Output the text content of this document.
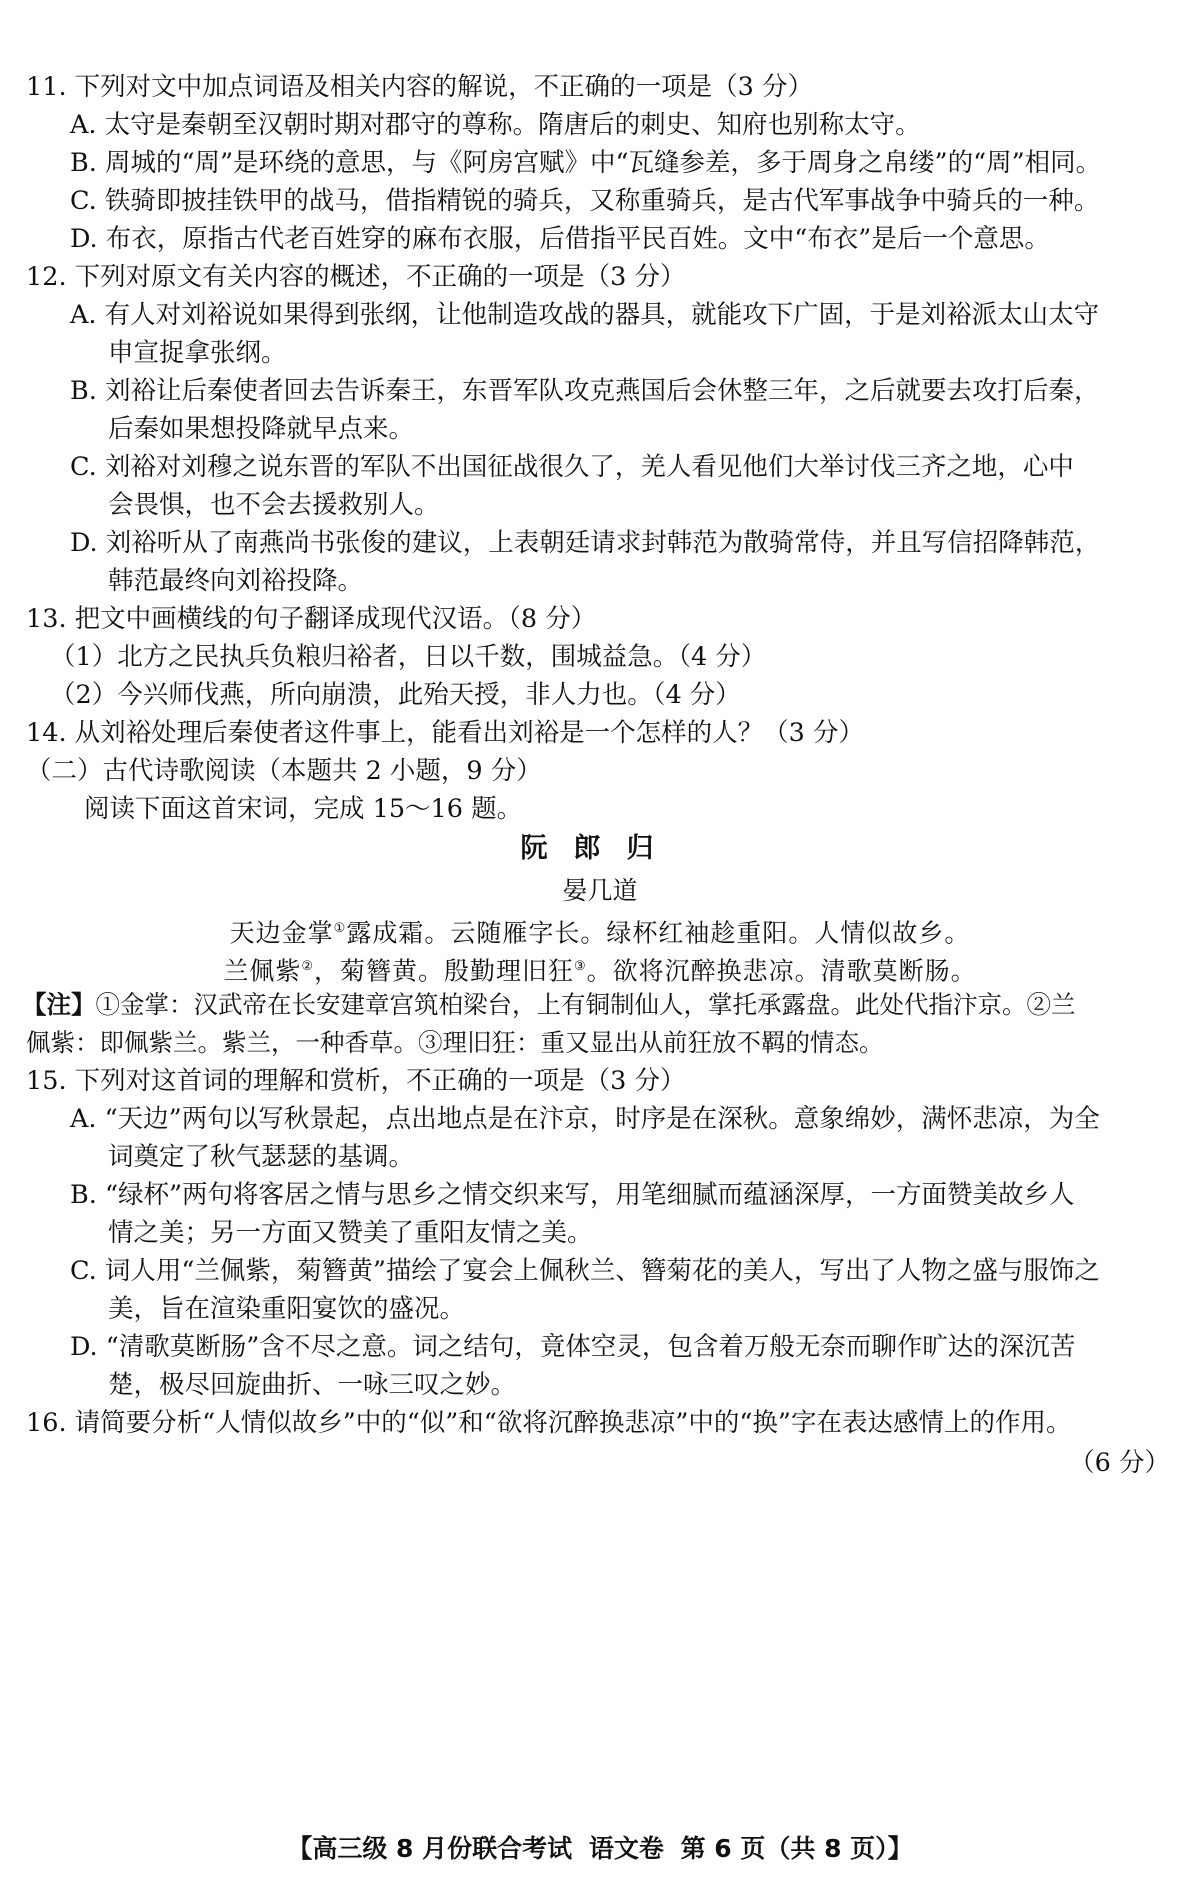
11. 下列对文中加点词语及相关内容的解说，不正确的一项是（3 分）
A. 太守是秦朝至汉朝时期对郡守的尊称。隋唐后的刺史、知府也别称太守。
B. 周城的“周”是环绕的意思，与《阿房宫赋》中“瓦缝参差，多于周身之帛缕”的“周”相同。
C. 铁骑即披挂铁甲的战马，借指精锐的骑兵，又称重骑兵，是古代军事战争中骑兵的一种。
D. 布衣，原指古代老百姓穿的麻布衣服，后借指平民百姓。文中“布衣”是后一个意思。
12. 下列对原文有关内容的概述，不正确的一项是（3 分）
A. 有人对刘裕说如果得到张纲，让他制造攻战的器具，就能攻下广固，于是刘裕派太山太守
申宣捉拿张纲。
B. 刘裕让后秦使者回去告诉秦王，东晋军队攻克燕国后会休整三年，之后就要去攻打后秦，
后秦如果想投降就早点来。
C. 刘裕对刘穆之说东晋的军队不出国征战很久了，羌人看见他们大举讨伐三齐之地，心中
会畏惧，也不会去援救别人。
D. 刘裕听从了南燕尚书张俊的建议，上表朝廷请求封韩范为散骑常侍，并且写信招降韩范，
韩范最终向刘裕投降。
13. 把文中画横线的句子翻译成现代汉语。（8 分）
（1）北方之民执兵负粮归裕者，日以千数，围城益急。（4 分）
（2）今兴师伐燕，所向崩溃，此殆天授，非人力也。（4 分）
14. 从刘裕处理后秦使者这件事上，能看出刘裕是一个怎样的人？（3 分）
（二）古代诗歌阅读（本题共 2 小题，9 分）
阅读下面这首宋词，完成 15～16 题。
阮郎归
晏几道
天边金掌①露成霜。云随雁字长。绿杯红袖趁重阳。人情似故乡。
兰佩紫②，菊簪黄。殷勤理旧狂③。欲将沉醉换悲凉。清歌莫断肠。
【注】①金掌：汉武帝在长安建章宫筑柏梁台，上有铜制仙人，掌托承露盘。此处代指汴京。②兰
佩紫：即佩紫兰。紫兰，一种香草。③理旧狂：重又显出从前狂放不羁的情态。
15. 下列对这首词的理解和赏析，不正确的一项是（3 分）
A. “天边”两句以写秋景起，点出地点是在汴京，时序是在深秋。意象绵妙，满怀悲凉，为全
词奠定了秋气瑟瑟的基调。
B. “绿杯”两句将客居之情与思乡之情交织来写，用笔细腻而蕴涵深厚，一方面赞美故乡人
情之美；另一方面又赞美了重阳友情之美。
C. 词人用“兰佩紫，菊簪黄”描绘了宴会上佩秋兰、簪菊花的美人，写出了人物之盛与服饰之
美，旨在渲染重阳宴饮的盛况。
D. “清歌莫断肠”含不尽之意。词之结句，竟体空灵，包含着万般无奈而聊作旷达的深沉苦
楚，极尽回旋曲折、一咏三叹之妙。
16. 请简要分析“人情似故乡”中的“似”和“欲将沉醉换悲凉”中的“换”字在表达感情上的作用。
（6 分）
【高三级 8 月份联合考试 语文卷 第 6 页（共 8 页）】
